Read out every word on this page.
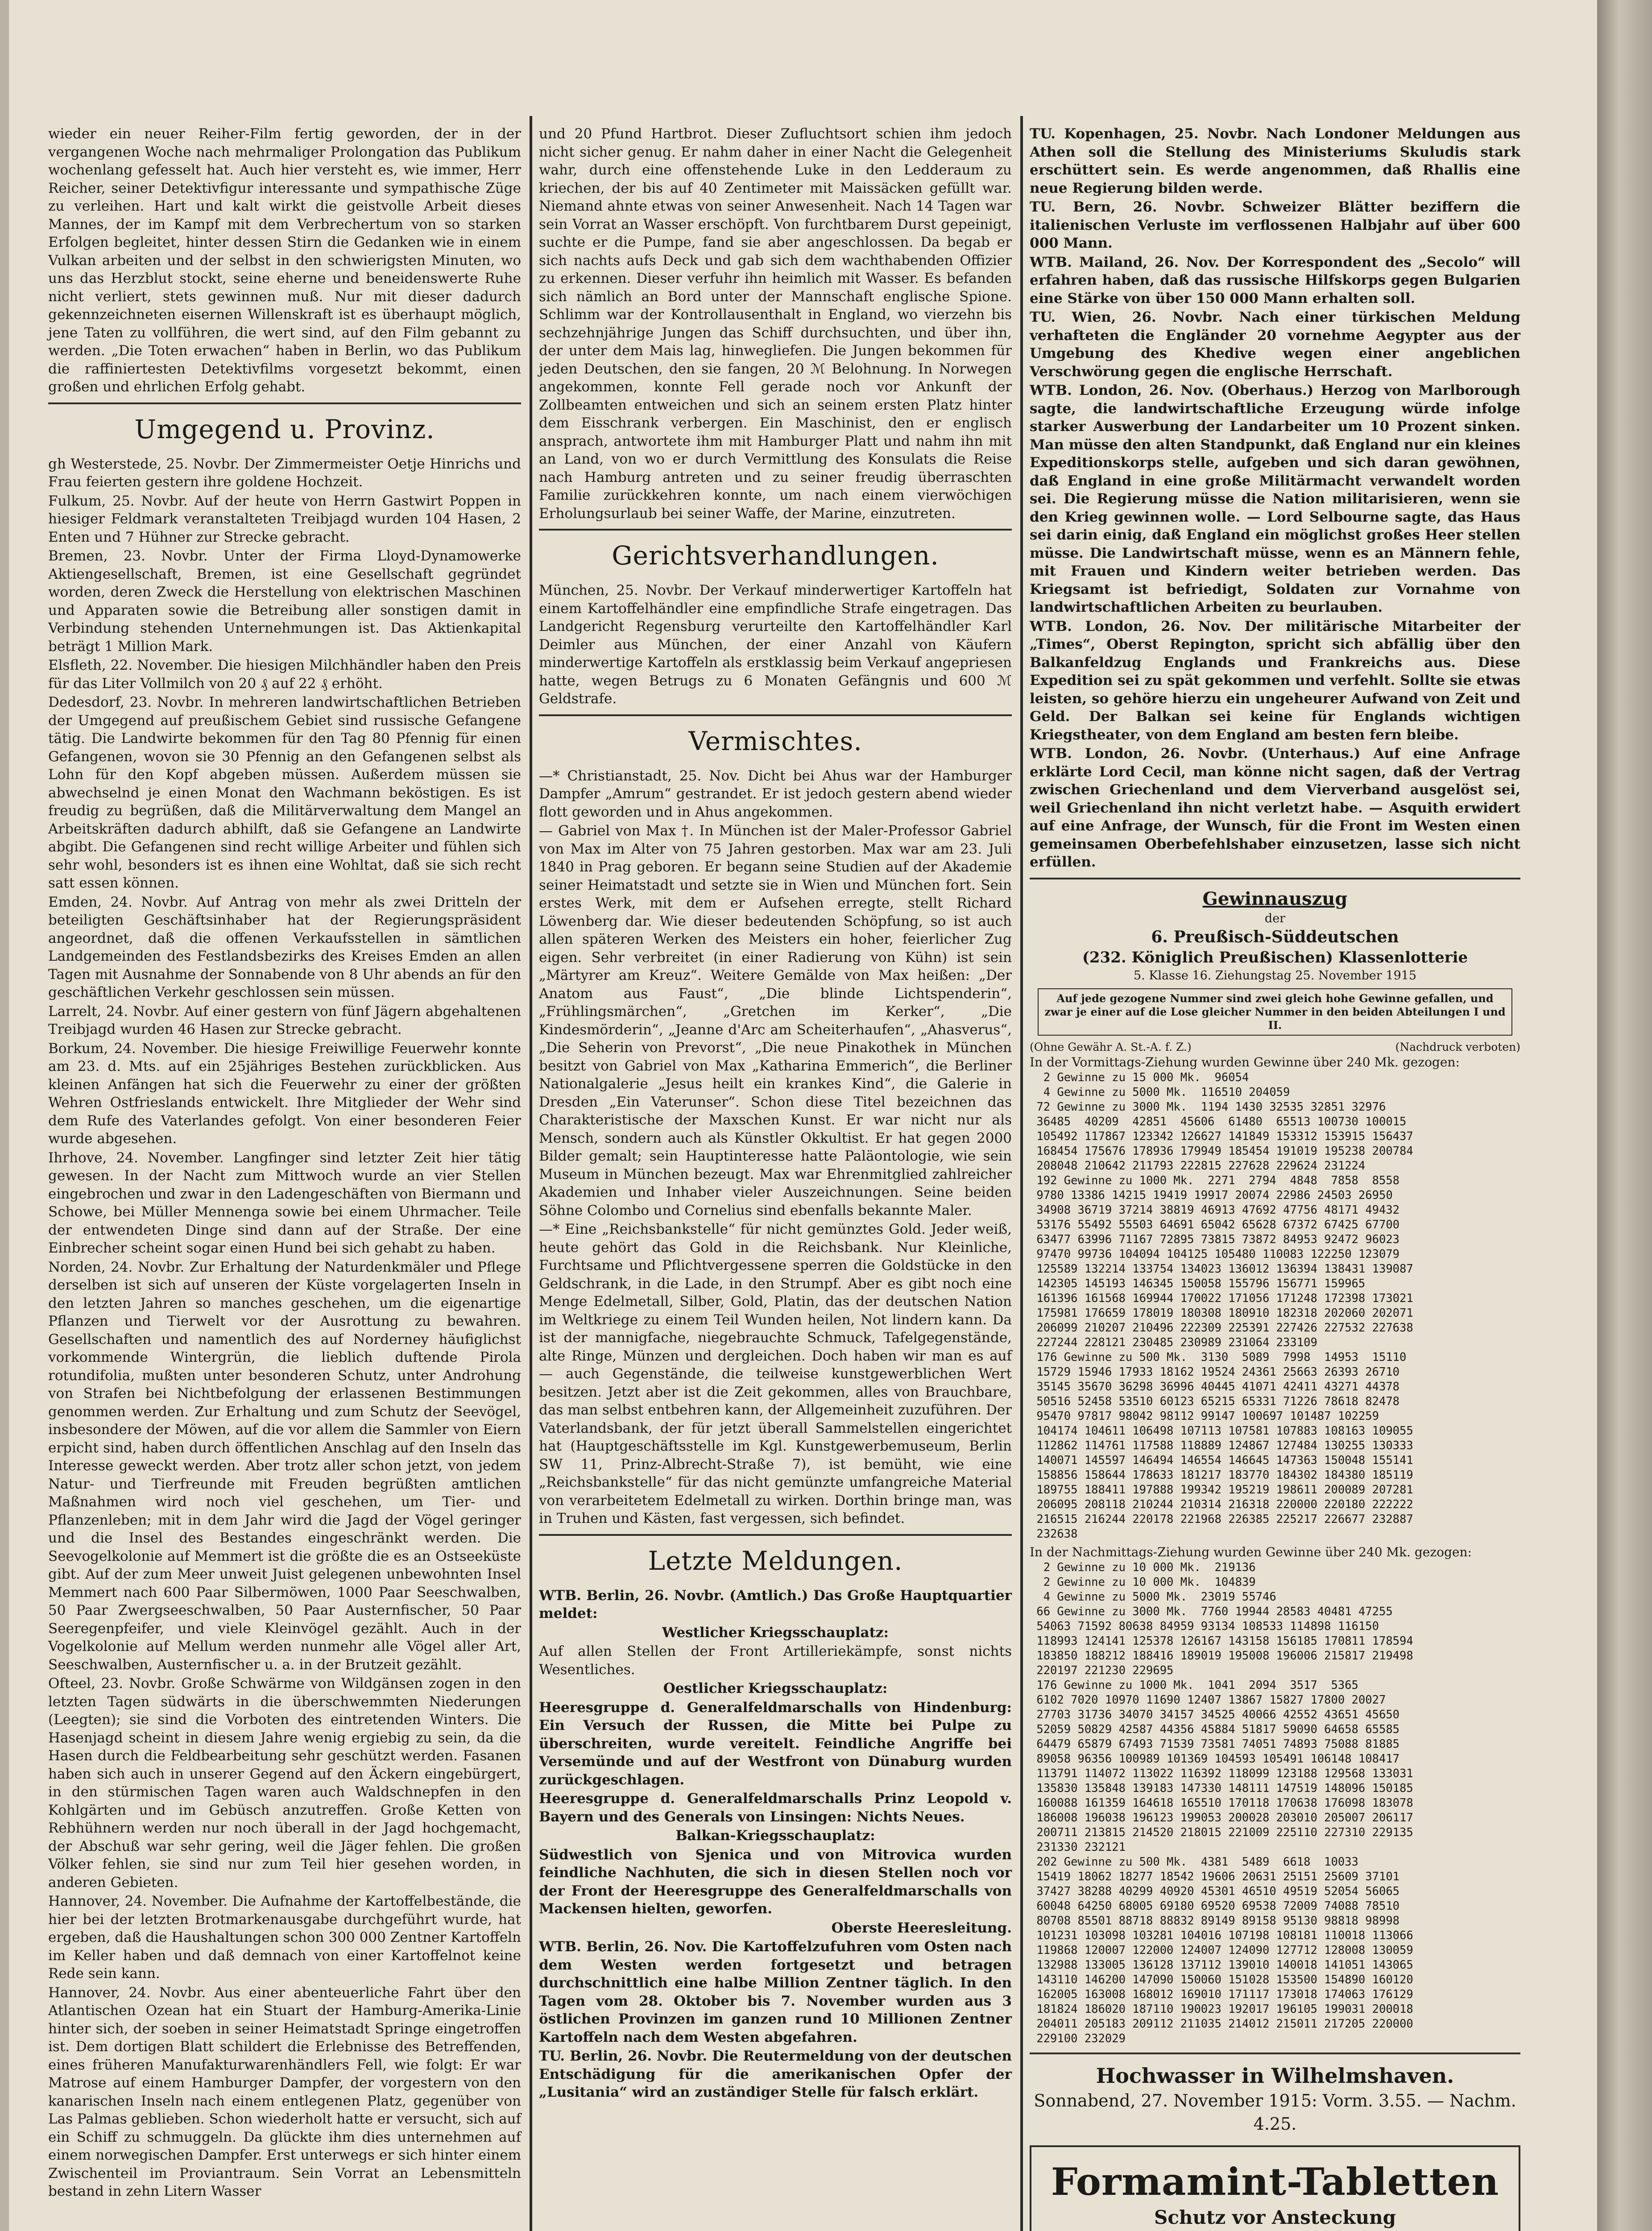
wieder ein neuer Reiher-Film fertig geworden, der in der vergangenen Woche nach mehrmaliger Prolongation das Publikum wochenlang gefesselt hat. Auch hier versteht es, wie immer, Herr Reicher, seiner Detektivfigur interessante und sympathische Züge zu verleihen. Hart und kalt wirkt die geistvolle Arbeit dieses Mannes, der im Kampf mit dem Verbrechertum von so starken Erfolgen begleitet, hinter dessen Stirn die Gedanken wie in einem Vulkan arbeiten und der selbst in den schwierigsten Minuten, wo uns das Herzblut stockt, seine eherne und beneidenswerte Ruhe nicht verliert, stets gewinnen muß. Nur mit dieser dadurch gekennzeichneten eisernen Willenskraft ist es überhaupt möglich, jene Taten zu vollführen, die wert sind, auf den Film gebannt zu werden. „Die Toten erwachen“ haben in Berlin, wo das Publikum die raffiniertesten Detektivfilms vorgesetzt bekommt, einen großen und ehrlichen Erfolg gehabt.

Umgegend u. Provinz.

gh Westerstede, 25. Novbr. Der Zimmermeister Oetje Hinrichs und Frau feierten gestern ihre goldene Hochzeit.

Fulkum, 25. Novbr. Auf der heute von Herrn Gastwirt Poppen in hiesiger Feldmark veranstalteten Treibjagd wurden 104 Hasen, 2 Enten und 7 Hühner zur Strecke gebracht.

Bremen, 23. Novbr. Unter der Firma Lloyd-Dynamowerke Aktiengesellschaft, Bremen, ist eine Gesellschaft gegründet worden, deren Zweck die Herstellung von elektrischen Maschinen und Apparaten sowie die Betreibung aller sonstigen damit in Verbindung stehenden Unternehmungen ist. Das Aktienkapital beträgt 1 Million Mark.

Elsfleth, 22. November. Die hiesigen Milchhändler haben den Preis für das Liter Vollmilch von 20 ₰ auf 22 ₰ erhöht.

Dedesdorf, 23. Novbr. In mehreren landwirtschaftlichen Betrieben der Umgegend auf preußischem Gebiet sind russische Gefangene tätig. Die Landwirte bekommen für den Tag 80 Pfennig für einen Gefangenen, wovon sie 30 Pfennig an den Gefangenen selbst als Lohn für den Kopf abgeben müssen. Außerdem müssen sie abwechselnd je einen Monat den Wachmann beköstigen. Es ist freudig zu begrüßen, daß die Militärverwaltung dem Mangel an Arbeitskräften dadurch abhilft, daß sie Gefangene an Landwirte abgibt. Die Gefangenen sind recht willige Arbeiter und fühlen sich sehr wohl, besonders ist es ihnen eine Wohltat, daß sie sich recht satt essen können.

Emden, 24. Novbr. Auf Antrag von mehr als zwei Dritteln der beteiligten Geschäftsinhaber hat der Regierungspräsident angeordnet, daß die offenen Verkaufsstellen in sämtlichen Landgemeinden des Festlandsbezirks des Kreises Emden an allen Tagen mit Ausnahme der Sonnabende von 8 Uhr abends an für den geschäftlichen Verkehr geschlossen sein müssen.

Larrelt, 24. Novbr. Auf einer gestern von fünf Jägern abgehaltenen Treibjagd wurden 46 Hasen zur Strecke gebracht.

Borkum, 24. November. Die hiesige Freiwillige Feuerwehr konnte am 23. d. Mts. auf ein 25jähriges Bestehen zurückblicken. Aus kleinen Anfängen hat sich die Feuerwehr zu einer der größten Wehren Ostfrieslands entwickelt. Ihre Mitglieder der Wehr sind dem Rufe des Vaterlandes gefolgt. Von einer besonderen Feier wurde abgesehen.

Ihrhove, 24. November. Langfinger sind letzter Zeit hier tätig gewesen. In der Nacht zum Mittwoch wurde an vier Stellen eingebrochen und zwar in den Ladengeschäften von Biermann und Schowe, bei Müller Mennenga sowie bei einem Uhrmacher. Teile der entwendeten Dinge sind dann auf der Straße. Der eine Einbrecher scheint sogar einen Hund bei sich gehabt zu haben.

Norden, 24. Novbr. Zur Erhaltung der Naturdenkmäler und Pflege derselben ist sich auf unseren der Küste vorgelagerten Inseln in den letzten Jahren so manches geschehen, um die eigenartige Pflanzen und Tierwelt vor der Ausrottung zu bewahren. Gesellschaften und namentlich des auf Norderney häufiglichst vorkommende Wintergrün, die lieblich duftende Pirola rotundifolia, mußten unter besonderen Schutz, unter Androhung von Strafen bei Nichtbefolgung der erlassenen Bestimmungen genommen werden. Zur Erhaltung und zum Schutz der Seevögel, insbesondere der Möwen, auf die vor allem die Sammler von Eiern erpicht sind, haben durch öffentlichen Anschlag auf den Inseln das Interesse geweckt werden. Aber trotz aller schon jetzt, von jedem Natur- und Tierfreunde mit Freuden begrüßten amtlichen Maßnahmen wird noch viel geschehen, um Tier- und Pflanzenleben; mit in dem Jahr wird die Jagd der Vögel geringer und die Insel des Bestandes eingeschränkt werden. Die Seevogelkolonie auf Memmert ist die größte die es an Ostseeküste gibt. Auf der zum Meer unweit Juist gelegenen unbewohnten Insel Memmert nach 600 Paar Silbermöwen, 1000 Paar Seeschwalben, 50 Paar Zwergseeschwalben, 50 Paar Austernfischer, 50 Paar Seeregenpfeifer, und viele Kleinvögel gezählt. Auch in der Vogelkolonie auf Mellum werden nunmehr alle Vögel aller Art, Seeschwalben, Austernfischer u. a. in der Brutzeit gezählt.

Ofteel, 23. Novbr. Große Schwärme von Wildgänsen zogen in den letzten Tagen südwärts in die überschwemmten Niederungen (Leegten); sie sind die Vorboten des eintretenden Winters. Die Hasenjagd scheint in diesem Jahre wenig ergiebig zu sein, da die Hasen durch die Feldbearbeitung sehr geschützt werden. Fasanen haben sich auch in unserer Gegend auf den Äckern eingebürgert, in den stürmischen Tagen waren auch Waldschnepfen in den Kohlgärten und im Gebüsch anzutreffen. Große Ketten von Rebhühnern werden nur noch überall in der Jagd hochgemacht, der Abschuß war sehr gering, weil die Jäger fehlen. Die großen Völker fehlen, sie sind nur zum Teil hier gesehen worden, in anderen Gebieten.

Hannover, 24. November. Die Aufnahme der Kartoffelbestände, die hier bei der letzten Brotmarkenausgabe durchgeführt wurde, hat ergeben, daß die Haushaltungen schon 300 000 Zentner Kartoffeln im Keller haben und daß demnach von einer Kartoffelnot keine Rede sein kann.

Hannover, 24. Novbr. Aus einer abenteuerliche Fahrt über den Atlantischen Ozean hat ein Stuart der Hamburg-Amerika-Linie hinter sich, der soeben in seiner Heimatstadt Springe eingetroffen ist. Dem dortigen Blatt schildert die Erlebnisse des Betreffenden, eines früheren Manufakturwarenhändlers Fell, wie folgt: Er war Matrose auf einem Hamburger Dampfer, der vorgestern von den kanarischen Inseln nach einem entlegenen Platz, gegenüber von Las Palmas geblieben. Schon wiederholt hatte er versucht, sich auf ein Schiff zu schmuggeln. Da glückte ihm dies unternehmen auf einem norwegischen Dampfer. Erst unterwegs er sich hinter einem Zwischenteil im Proviantraum. Sein Vorrat an Lebensmitteln bestand in zehn Litern Wasser

und 20 Pfund Hartbrot. Dieser Zufluchtsort schien ihm jedoch nicht sicher genug. Er nahm daher in einer Nacht die Gelegenheit wahr, durch eine offenstehende Luke in den Ledderaum zu kriechen, der bis auf 40 Zentimeter mit Maissäcken gefüllt war. Niemand ahnte etwas von seiner Anwesenheit. Nach 14 Tagen war sein Vorrat an Wasser erschöpft. Von furchtbarem Durst gepeinigt, suchte er die Pumpe, fand sie aber angeschlossen. Da begab er sich nachts aufs Deck und gab sich dem wachthabenden Offizier zu erkennen. Dieser verfuhr ihn heimlich mit Wasser. Es befanden sich nämlich an Bord unter der Mannschaft englische Spione. Schlimm war der Kontrollausenthalt in England, wo vierzehn bis sechzehnjährige Jungen das Schiff durchsuchten, und über ihn, der unter dem Mais lag, hinwegliefen. Die Jungen bekommen für jeden Deutschen, den sie fangen, 20 ℳ Belohnung. In Norwegen angekommen, konnte Fell gerade noch vor Ankunft der Zollbeamten entweichen und sich an seinem ersten Platz hinter dem Eisschrank verbergen. Ein Maschinist, den er englisch ansprach, antwortete ihm mit Hamburger Platt und nahm ihn mit an Land, von wo er durch Vermittlung des Konsulats die Reise nach Hamburg antreten und zu seiner freudig überraschten Familie zurückkehren konnte, um nach einem vierwöchigen Erholungsurlaub bei seiner Waffe, der Marine, einzutreten.

Gerichtsverhandlungen.

München, 25. Novbr. Der Verkauf minderwertiger Kartoffeln hat einem Kartoffelhändler eine empfindliche Strafe eingetragen. Das Landgericht Regensburg verurteilte den Kartoffelhändler Karl Deimler aus München, der einer Anzahl von Käufern minderwertige Kartoffeln als erstklassig beim Verkauf angepriesen hatte, wegen Betrugs zu 6 Monaten Gefängnis und 600 ℳ Geldstrafe.

Vermischtes.

—* Christianstadt, 25. Nov. Dicht bei Ahus war der Hamburger Dampfer „Amrum“ gestrandet. Er ist jedoch gestern abend wieder flott geworden und in Ahus angekommen.

— Gabriel von Max †. In München ist der Maler-Professor Gabriel von Max im Alter von 75 Jahren gestorben. Max war am 23. Juli 1840 in Prag geboren. Er begann seine Studien auf der Akademie seiner Heimatstadt und setzte sie in Wien und München fort. Sein erstes Werk, mit dem er Aufsehen erregte, stellt Richard Löwenberg dar. Wie dieser bedeutenden Schöpfung, so ist auch allen späteren Werken des Meisters ein hoher, feierlicher Zug eigen. Sehr verbreitet (in einer Radierung von Kühn) ist sein „Märtyrer am Kreuz“. Weitere Gemälde von Max heißen: „Der Anatom aus Faust“, „Die blinde Lichtspenderin“, „Frühlingsmärchen“, „Gretchen im Kerker“, „Die Kindesmörderin“, „Jeanne d'Arc am Scheiterhaufen“, „Ahasverus“, „Die Seherin von Prevorst“, „Die neue Pinakothek in München besitzt von Gabriel von Max „Katharina Emmerich“, die Berliner Nationalgalerie „Jesus heilt ein krankes Kind“, die Galerie in Dresden „Ein Vaterunser“. Schon diese Titel bezeichnen das Charakteristische der Maxschen Kunst. Er war nicht nur als Mensch, sondern auch als Künstler Okkultist. Er hat gegen 2000 Bilder gemalt; sein Hauptinteresse hatte Paläontologie, wie sein Museum in München bezeugt. Max war Ehrenmitglied zahlreicher Akademien und Inhaber vieler Auszeichnungen. Seine beiden Söhne Colombo und Cornelius sind ebenfalls bekannte Maler.

—* Eine „Reichsbankstelle“ für nicht gemünztes Gold. Jeder weiß, heute gehört das Gold in die Reichsbank. Nur Kleinliche, Furchtsame und Pflichtvergessene sperren die Goldstücke in den Geldschrank, in die Lade, in den Strumpf. Aber es gibt noch eine Menge Edelmetall, Silber, Gold, Platin, das der deutschen Nation im Weltkriege zu einem Teil Wunden heilen, Not lindern kann. Da ist der mannigfache, niegebrauchte Schmuck, Tafelgegenstände, alte Ringe, Münzen und dergleichen. Doch haben wir man es auf — auch Gegenstände, die teilweise kunstgewerblichen Wert besitzen. Jetzt aber ist die Zeit gekommen, alles von Brauchbare, das man selbst entbehren kann, der Allgemeinheit zuzuführen. Der Vaterlandsbank, der für jetzt überall Sammelstellen eingerichtet hat (Hauptgeschäftsstelle im Kgl. Kunstgewerbemuseum, Berlin SW 11, Prinz-Albrecht-Straße 7), ist bemüht, wie eine „Reichsbankstelle“ für das nicht gemünzte umfangreiche Material von verarbeitetem Edelmetall zu wirken. Dorthin bringe man, was in Truhen und Kästen, fast vergessen, sich befindet.

Letzte Meldungen.

WTB. Berlin, 26. Novbr. (Amtlich.) Das Große Hauptquartier meldet:

Westlicher Kriegsschauplatz:

Auf allen Stellen der Front Artilleriekämpfe, sonst nichts Wesentliches.

Oestlicher Kriegsschauplatz:

Heeresgruppe d. Generalfeldmarschalls von Hindenburg: Ein Versuch der Russen, die Mitte bei Pulpe zu überschreiten, wurde vereitelt. Feindliche Angriffe bei Versemünde und auf der Westfront von Dünaburg wurden zurückgeschlagen.

Heeresgruppe d. Generalfeldmarschalls Prinz Leopold v. Bayern und des Generals von Linsingen: Nichts Neues.

Balkan-Kriegsschauplatz:

Südwestlich von Sjenica und von Mitrovica wurden feindliche Nachhuten, die sich in diesen Stellen noch vor der Front der Heeresgruppe des Generalfeldmarschalls von Mackensen hielten, geworfen.

Oberste Heeresleitung.

WTB. Berlin, 26. Nov. Die Kartoffelzufuhren vom Osten nach dem Westen werden fortgesetzt und betragen durchschnittlich eine halbe Million Zentner täglich. In den Tagen vom 28. Oktober bis 7. November wurden aus 3 östlichen Provinzen im ganzen rund 10 Millionen Zentner Kartoffeln nach dem Westen abgefahren.

TU. Berlin, 26. Novbr. Die Reutermeldung von der deutschen Entschädigung für die amerikanischen Opfer der „Lusitania“ wird an zuständiger Stelle für falsch erklärt.

TU. Kopenhagen, 25. Novbr. Nach Londoner Meldungen aus Athen soll die Stellung des Ministeriums Skuludis stark erschüttert sein. Es werde angenommen, daß Rhallis eine neue Regierung bilden werde.

TU. Bern, 26. Novbr. Schweizer Blätter beziffern die italienischen Verluste im verflossenen Halbjahr auf über 600 000 Mann.

WTB. Mailand, 26. Nov. Der Korrespondent des „Secolo“ will erfahren haben, daß das russische Hilfskorps gegen Bulgarien eine Stärke von über 150 000 Mann erhalten soll.

TU. Wien, 26. Novbr. Nach einer türkischen Meldung verhafteten die Engländer 20 vornehme Aegypter aus der Umgebung des Khedive wegen einer angeblichen Verschwörung gegen die englische Herrschaft.

WTB. London, 26. Nov. (Oberhaus.) Herzog von Marlborough sagte, die landwirtschaftliche Erzeugung würde infolge starker Auswerbung der Landarbeiter um 10 Prozent sinken. Man müsse den alten Standpunkt, daß England nur ein kleines Expeditionskorps stelle, aufgeben und sich daran gewöhnen, daß England in eine große Militärmacht verwandelt worden sei. Die Regierung müsse die Nation militarisieren, wenn sie den Krieg gewinnen wolle. — Lord Selbourne sagte, das Haus sei darin einig, daß England ein möglichst großes Heer stellen müsse. Die Landwirtschaft müsse, wenn es an Männern fehle, mit Frauen und Kindern weiter betrieben werden. Das Kriegsamt ist befriedigt, Soldaten zur Vornahme von landwirtschaftlichen Arbeiten zu beurlauben.

WTB. London, 26. Nov. Der militärische Mitarbeiter der „Times“, Oberst Repington, spricht sich abfällig über den Balkanfeldzug Englands und Frankreichs aus. Diese Expedition sei zu spät gekommen und verfehlt. Sollte sie etwas leisten, so gehöre hierzu ein ungeheurer Aufwand von Zeit und Geld. Der Balkan sei keine für Englands wichtigen Kriegstheater, von dem England am besten fern bleibe.

WTB. London, 26. Novbr. (Unterhaus.) Auf eine Anfrage erklärte Lord Cecil, man könne nicht sagen, daß der Vertrag zwischen Griechenland und dem Vierverband ausgelöst sei, weil Griechenland ihn nicht verletzt habe. — Asquith erwidert auf eine Anfrage, der Wunsch, für die Front im Westen einen gemeinsamen Oberbefehlshaber einzusetzen, lasse sich nicht erfüllen.

Gewinnauszug
der
6. Preußisch-Süddeutschen
(232. Königlich Preußischen) Klassenlotterie
5. Klasse 16. Ziehungstag 25. November 1915
Auf jede gezogene Nummer sind zwei gleich hohe Gewinne gefallen, und zwar je einer auf die Lose gleicher Nummer in den beiden Abteilungen I und II.
(Ohne Gewähr A. St.-A. f. Z.)	(Nachdruck verboten)
In der Vormittags-Ziehung wurden Gewinne über 240 Mk. gezogen:
2 Gewinne zu 15 000 Mk.  96054
4 Gewinne zu 5000 Mk.  116510 204059
72 Gewinne zu 3000 Mk.  1194 1430 32535 32851 32976
36485  40209  42851  45606  61480  65513 100730 100015
105492 117867 123342 126627 141849 153312 153915 156437
168454 175676 178936 179949 185454 191019 195238 200784
208048 210642 211793 222815 227628 229624 231224
192 Gewinne zu 1000 Mk.  2271  2794  4848  7858  8558
9780 13386 14215 19419 19917 20074 22986 24503 26950
34908 36719 37214 38819 46913 47692 47756 48171 49432
53176 55492 55503 64691 65042 65628 67372 67425 67700
63477 63996 71167 72895 73815 73872 84953 92472 96023
97470 99736 104094 104125 105480 110083 122250 123079
125589 132214 133754 134023 136012 136394 138431 139087
142305 145193 146345 150058 155796 156771 159965
161396 161568 169944 170022 171056 171248 172398 173021
175981 176659 178019 180308 180910 182318 202060 202071
206099 210207 210496 222309 225391 227426 227532 227638
227244 228121 230485 230989 231064 233109
176 Gewinne zu 500 Mk.  3130  5089  7998  14953  15110
15729 15946 17933 18162 19524 24361 25663 26393 26710
35145 35670 36298 36996 40445 41071 42411 43271 44378
50516 52458 53510 60123 65215 65331 71226 78618 82478
95470 97817 98042 98112 99147 100697 101487 102259
104174 104611 106498 107113 107581 107883 108163 109055
112862 114761 117588 118889 124867 127484 130255 130333
140071 145597 146494 146554 146645 147363 150048 155141
158856 158644 178633 181217 183770 184302 184380 185119
189755 188411 197888 199342 195219 198611 200089 207281
206095 208118 210244 210314 216318 220000 220180 222222
216515 216244 220178 221968 226385 225217 226677 232887
232638
In der Nachmittags-Ziehung wurden Gewinne über 240 Mk. gezogen:
2 Gewinne zu 10 000 Mk.  219136
2 Gewinne zu 10 000 Mk.  104839
4 Gewinne zu 5000 Mk.  23019 55746
66 Gewinne zu 3000 Mk.  7760 19944 28583 40481 47255
54063 71592 80638 84959 93134 108533 114898 116150
118993 124141 125378 126167 143158 156185 170811 178594
183850 188212 188416 189019 195008 196006 215817 219498
220197 221230 229695
176 Gewinne zu 1000 Mk.  1041  2094  3517  5365
6102 7020 10970 11690 12407 13867 15827 17800 20027
27703 31736 34070 34157 34525 40066 42552 43651 45650
52059 50829 42587 44356 45884 51817 59090 64658 65585
64479 65879 67493 71539 73581 74051 74893 75088 81885
89058 96356 100989 101369 104593 105491 106148 108417
113791 114072 113022 116392 118099 123188 129568 133031
135830 135848 139183 147330 148111 147519 148096 150185
160088 161359 164618 165510 170118 170638 176098 183078
186008 196038 196123 199053 200028 203010 205007 206117
200711 213815 214520 218015 221009 225110 227310 229135
231330 232121
202 Gewinne zu 500 Mk.  4381  5489  6618  10033
15419 18062 18277 18542 19606 20631 25151 25609 37101
37427 38288 40299 40920 45301 46510 49519 52054 56065
60048 64250 68005 69180 69520 69538 72009 74088 78510
80708 85501 88718 88832 89149 89158 95130 98818 98998
101231 103098 103281 104016 107198 108181 110018 113066
119868 120007 122000 124007 124090 127712 128008 130059
132988 133005 136128 137112 139010 140018 141051 143065
143110 146200 147090 150060 151028 153500 154890 160120
162005 163008 168012 169010 171117 173018 174063 176129
181824 186020 187110 190023 192017 196105 199031 200018
204011 205183 209112 211035 214012 215011 217205 220000
229100 232029
Hochwasser in Wilhelmshaven.
Sonnabend, 27. November 1915: Vorm. 3.55. — Nachm. 4.25.
Formamint-Tabletten
Schutz vor Ansteckung
